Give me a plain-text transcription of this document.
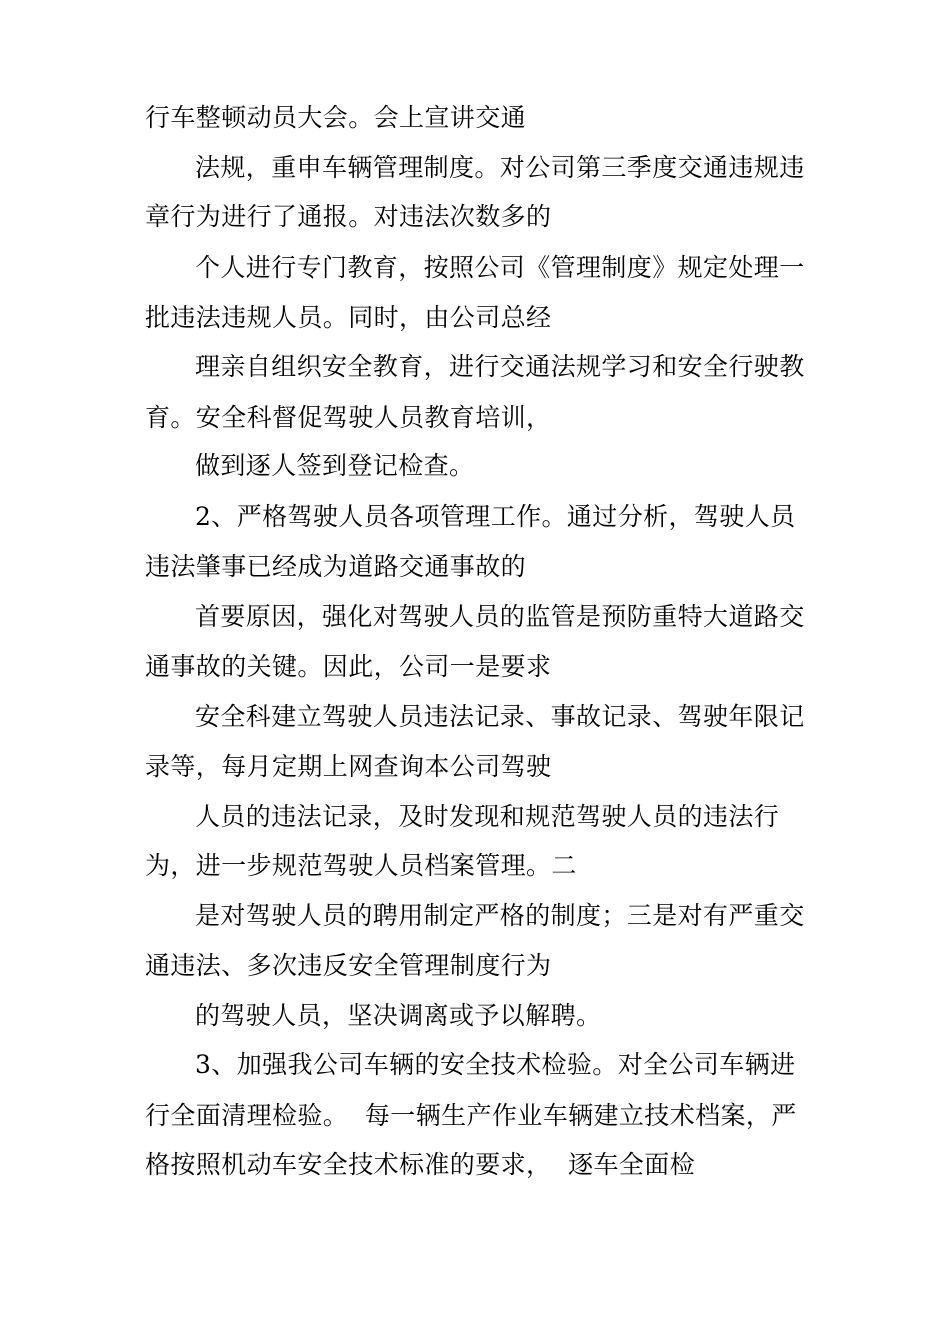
行车整顿动员大会。会上宣讲交通
法规，重申车辆管理制度。对公司第三季度交通违规违
章行为进行了通报。对违法次数多的
个人进行专门教育，按照公司《管理制度》规定处理一
批违法违规人员。同时，由公司总经
理亲自组织安全教育，进行交通法规学习和安全行驶教
育。安全科督促驾驶人员教育培训，
做到逐人签到登记检查。
2、严格驾驶人员各项管理工作。通过分析，驾驶人员
违法肇事已经成为道路交通事故的
首要原因，强化对驾驶人员的监管是预防重特大道路交
通事故的关键。因此，公司一是要求
安全科建立驾驶人员违法记录、事故记录、驾驶年限记
录等，每月定期上网查询本公司驾驶
人员的违法记录，及时发现和规范驾驶人员的违法行
为，进一步规范驾驶人员档案管理。二
是对驾驶人员的聘用制定严格的制度；三是对有严重交
通违法、多次违反安全管理制度行为
的驾驶人员，坚决调离或予以解聘。
3、加强我公司车辆的安全技术检验。对全公司车辆进
行全面清理检验。  每一辆生产作业车辆建立技术档案，严
格按照机动车安全技术标准的要求，  逐车全面检
